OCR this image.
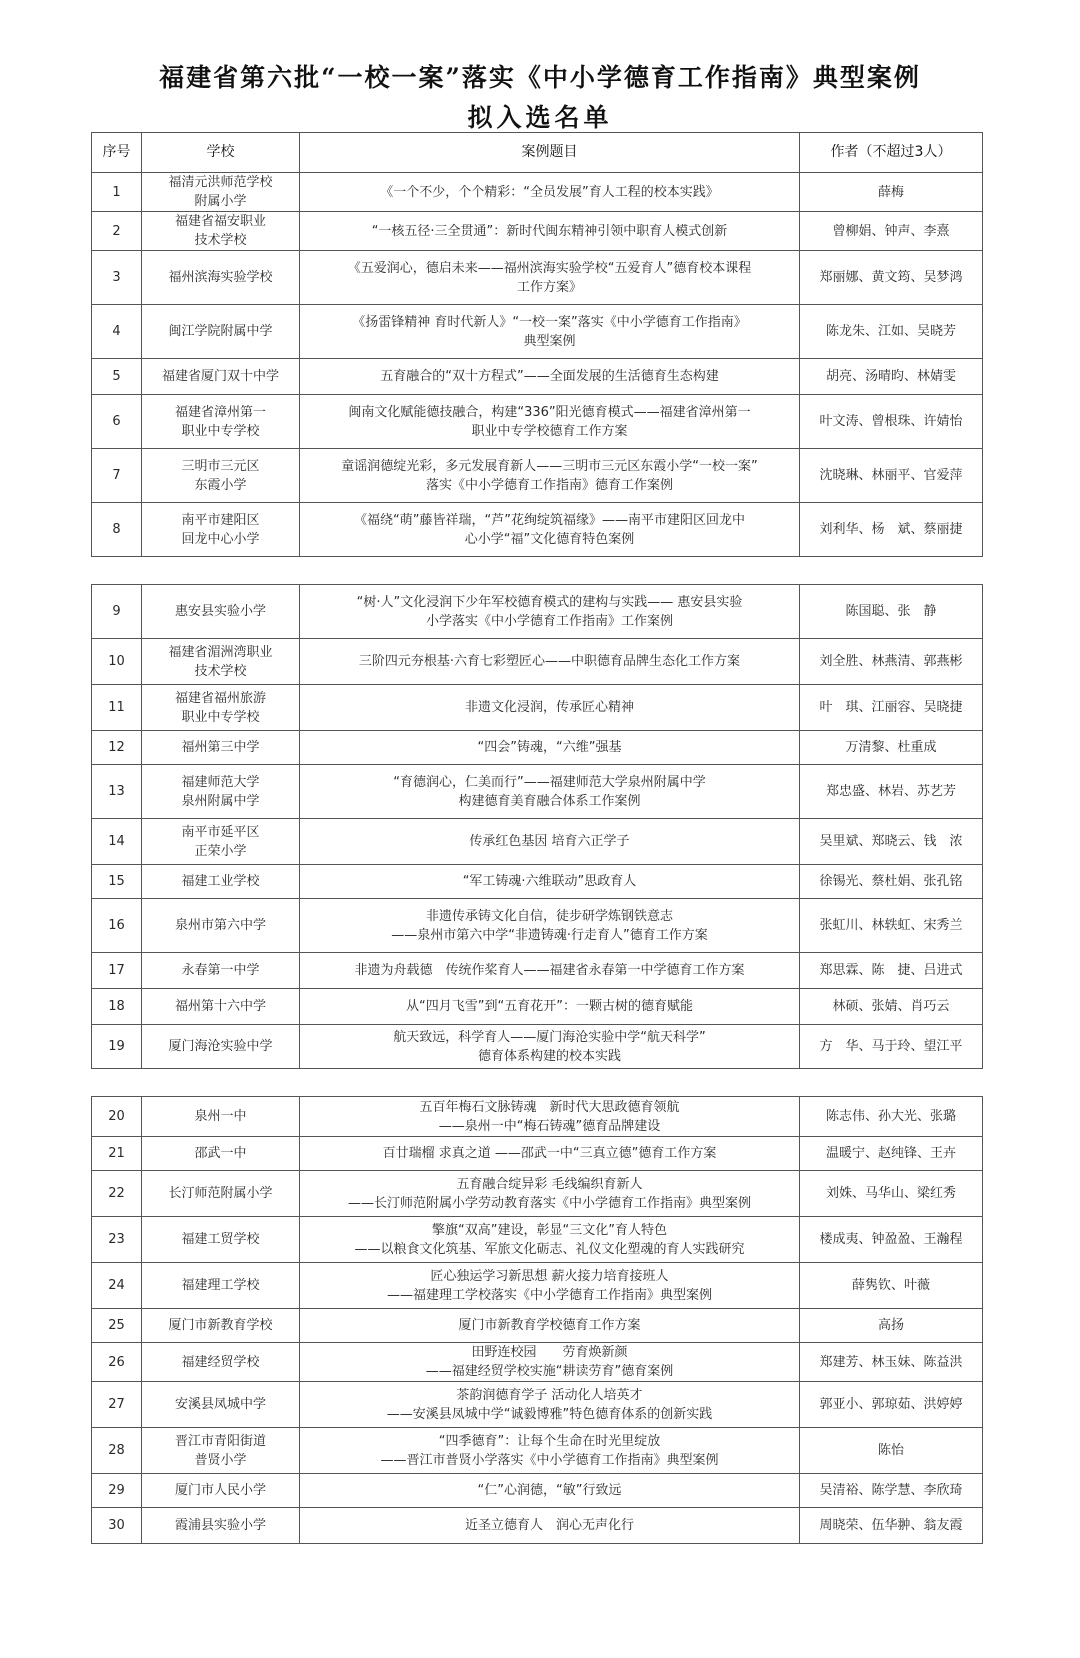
福建省第六批“一校一案”落实《中小学德育工作指南》典型案例
拟入选名单
序号	学校	案例题目	作者（不超过3人）
1	福清元洪师范学校
附属小学	《一个不少，个个精彩：“全员发展”育人工程的校本实践》	薛梅
2	福建省福安职业
技术学校	“一核五径·三全贯通”：新时代闽东精神引领中职育人模式创新	曾柳娟、钟声、李熹
3	福州滨海实验学校	《五爱润心，德启未来——福州滨海实验学校“五爱育人”德育校本课程
工作方案》	郑丽娜、黄文筠、吴梦鸿
4	闽江学院附属中学	《扬雷锋精神 育时代新人》“一校一案”落实《中小学德育工作指南》
典型案例	陈龙朱、江如、吴晓芳
5	福建省厦门双十中学	五育融合的“双十方程式”——全面发展的生活德育生态构建	胡亮、汤晴昀、林婧雯
6	福建省漳州第一
职业中专学校	闽南文化赋能德技融合，构建“336”阳光德育模式——福建省漳州第一
职业中专学校德育工作方案	叶文涛、曾根珠、许婧怡
7	三明市三元区
东霞小学	童谣润德绽光彩，多元发展育新人——三明市三元区东霞小学“一校一案”
落实《中小学德育工作指南》德育工作案例	沈晓琳、林丽平、官爱萍
8	南平市建阳区
回龙中心小学	《福绕“萌”藤皆祥瑞，“芦”花绚绽筑福缘》——南平市建阳区回龙中
心小学“福”文化德育特色案例	刘利华、杨　斌、蔡丽捷
9	惠安县实验小学	“树·人”文化浸润下少年军校德育模式的建构与实践—— 惠安县实验
小学落实《中小学德育工作指南》工作案例	陈国聪、张　静
10	福建省湄洲湾职业
技术学校	三阶四元夯根基·六育七彩塑匠心——中职德育品牌生态化工作方案	刘全胜、林燕清、郭燕彬
11	福建省福州旅游
职业中专学校	非遗文化浸润，传承匠心精神	叶　琪、江丽容、吴晓捷
12	福州第三中学	“四会”铸魂，“六维”强基	万清黎、杜重成
13	福建师范大学
泉州附属中学	“育德润心，仁美而行”——福建师范大学泉州附属中学
构建德育美育融合体系工作案例	郑忠盛、林岩、苏艺芳
14	南平市延平区
正荣小学	传承红色基因 培育六正学子	吴里斌、郑晓云、钱　浓
15	福建工业学校	“军工铸魂·六维联动”思政育人	徐锡光、蔡杜娟、张孔铭
16	泉州市第六中学	非遗传承铸文化自信，徒步研学炼钢铁意志
——泉州市第六中学“非遗铸魂·行走育人”德育工作方案	张虹川、林轶虹、宋秀兰
17	永春第一中学	非遗为舟载德　传统作桨育人——福建省永春第一中学德育工作方案	郑思霖、陈　捷、吕进式
18	福州第十六中学	从“四月飞雪”到“五育花开”：一颗古树的德育赋能	林硕、张婧、肖巧云
19	厦门海沧实验中学	航天致远，科学育人——厦门海沧实验中学“航天科学”
德育体系构建的校本实践	方　华、马于玲、望江平
20	泉州一中	五百年梅石文脉铸魂　新时代大思政德育领航
——泉州一中“梅石铸魂”德育品牌建设	陈志伟、孙大光、张璐
21	邵武一中	百廿瑞榴 求真之道 ——邵武一中“三真立德”德育工作方案	温暖宁、赵纯锋、王卉
22	长汀师范附属小学	五育融合绽异彩 毛线编织育新人
——长汀师范附属小学劳动教育落实《中小学德育工作指南》典型案例	刘姝、马华山、梁红秀
23	福建工贸学校	擎旗“双高”建设，彰显“三文化”育人特色
——以粮食文化筑基、军旅文化砺志、礼仪文化塑魂的育人实践研究	楼成夷、钟盈盈、王瀚程
24	福建理工学校	匠心独运学习新思想 薪火接力培育接班人
——福建理工学校落实《中小学德育工作指南》典型案例	薛隽钦、叶薇
25	厦门市新教育学校	厦门市新教育学校德育工作方案	高扬
26	福建经贸学校	田野连校园　　劳育焕新颜
——福建经贸学校实施“耕读劳育”德育案例	郑建芳、林玉妹、陈益洪
27	安溪县凤城中学	茶韵润德育学子 活动化人培英才
——安溪县凤城中学“诚毅博雅”特色德育体系的创新实践	郭亚小、郭琼茹、洪婷婷
28	晋江市青阳街道
普贤小学	“四季德育”：让每个生命在时光里绽放
——晋江市普贤小学落实《中小学德育工作指南》典型案例	陈怡
29	厦门市人民小学	“仁”心润德，“敏”行致远	吴清裕、陈学慧、李欣琦
30	霞浦县实验小学	近圣立德育人　润心无声化行	周晓荣、伍华翀、翁友霞
